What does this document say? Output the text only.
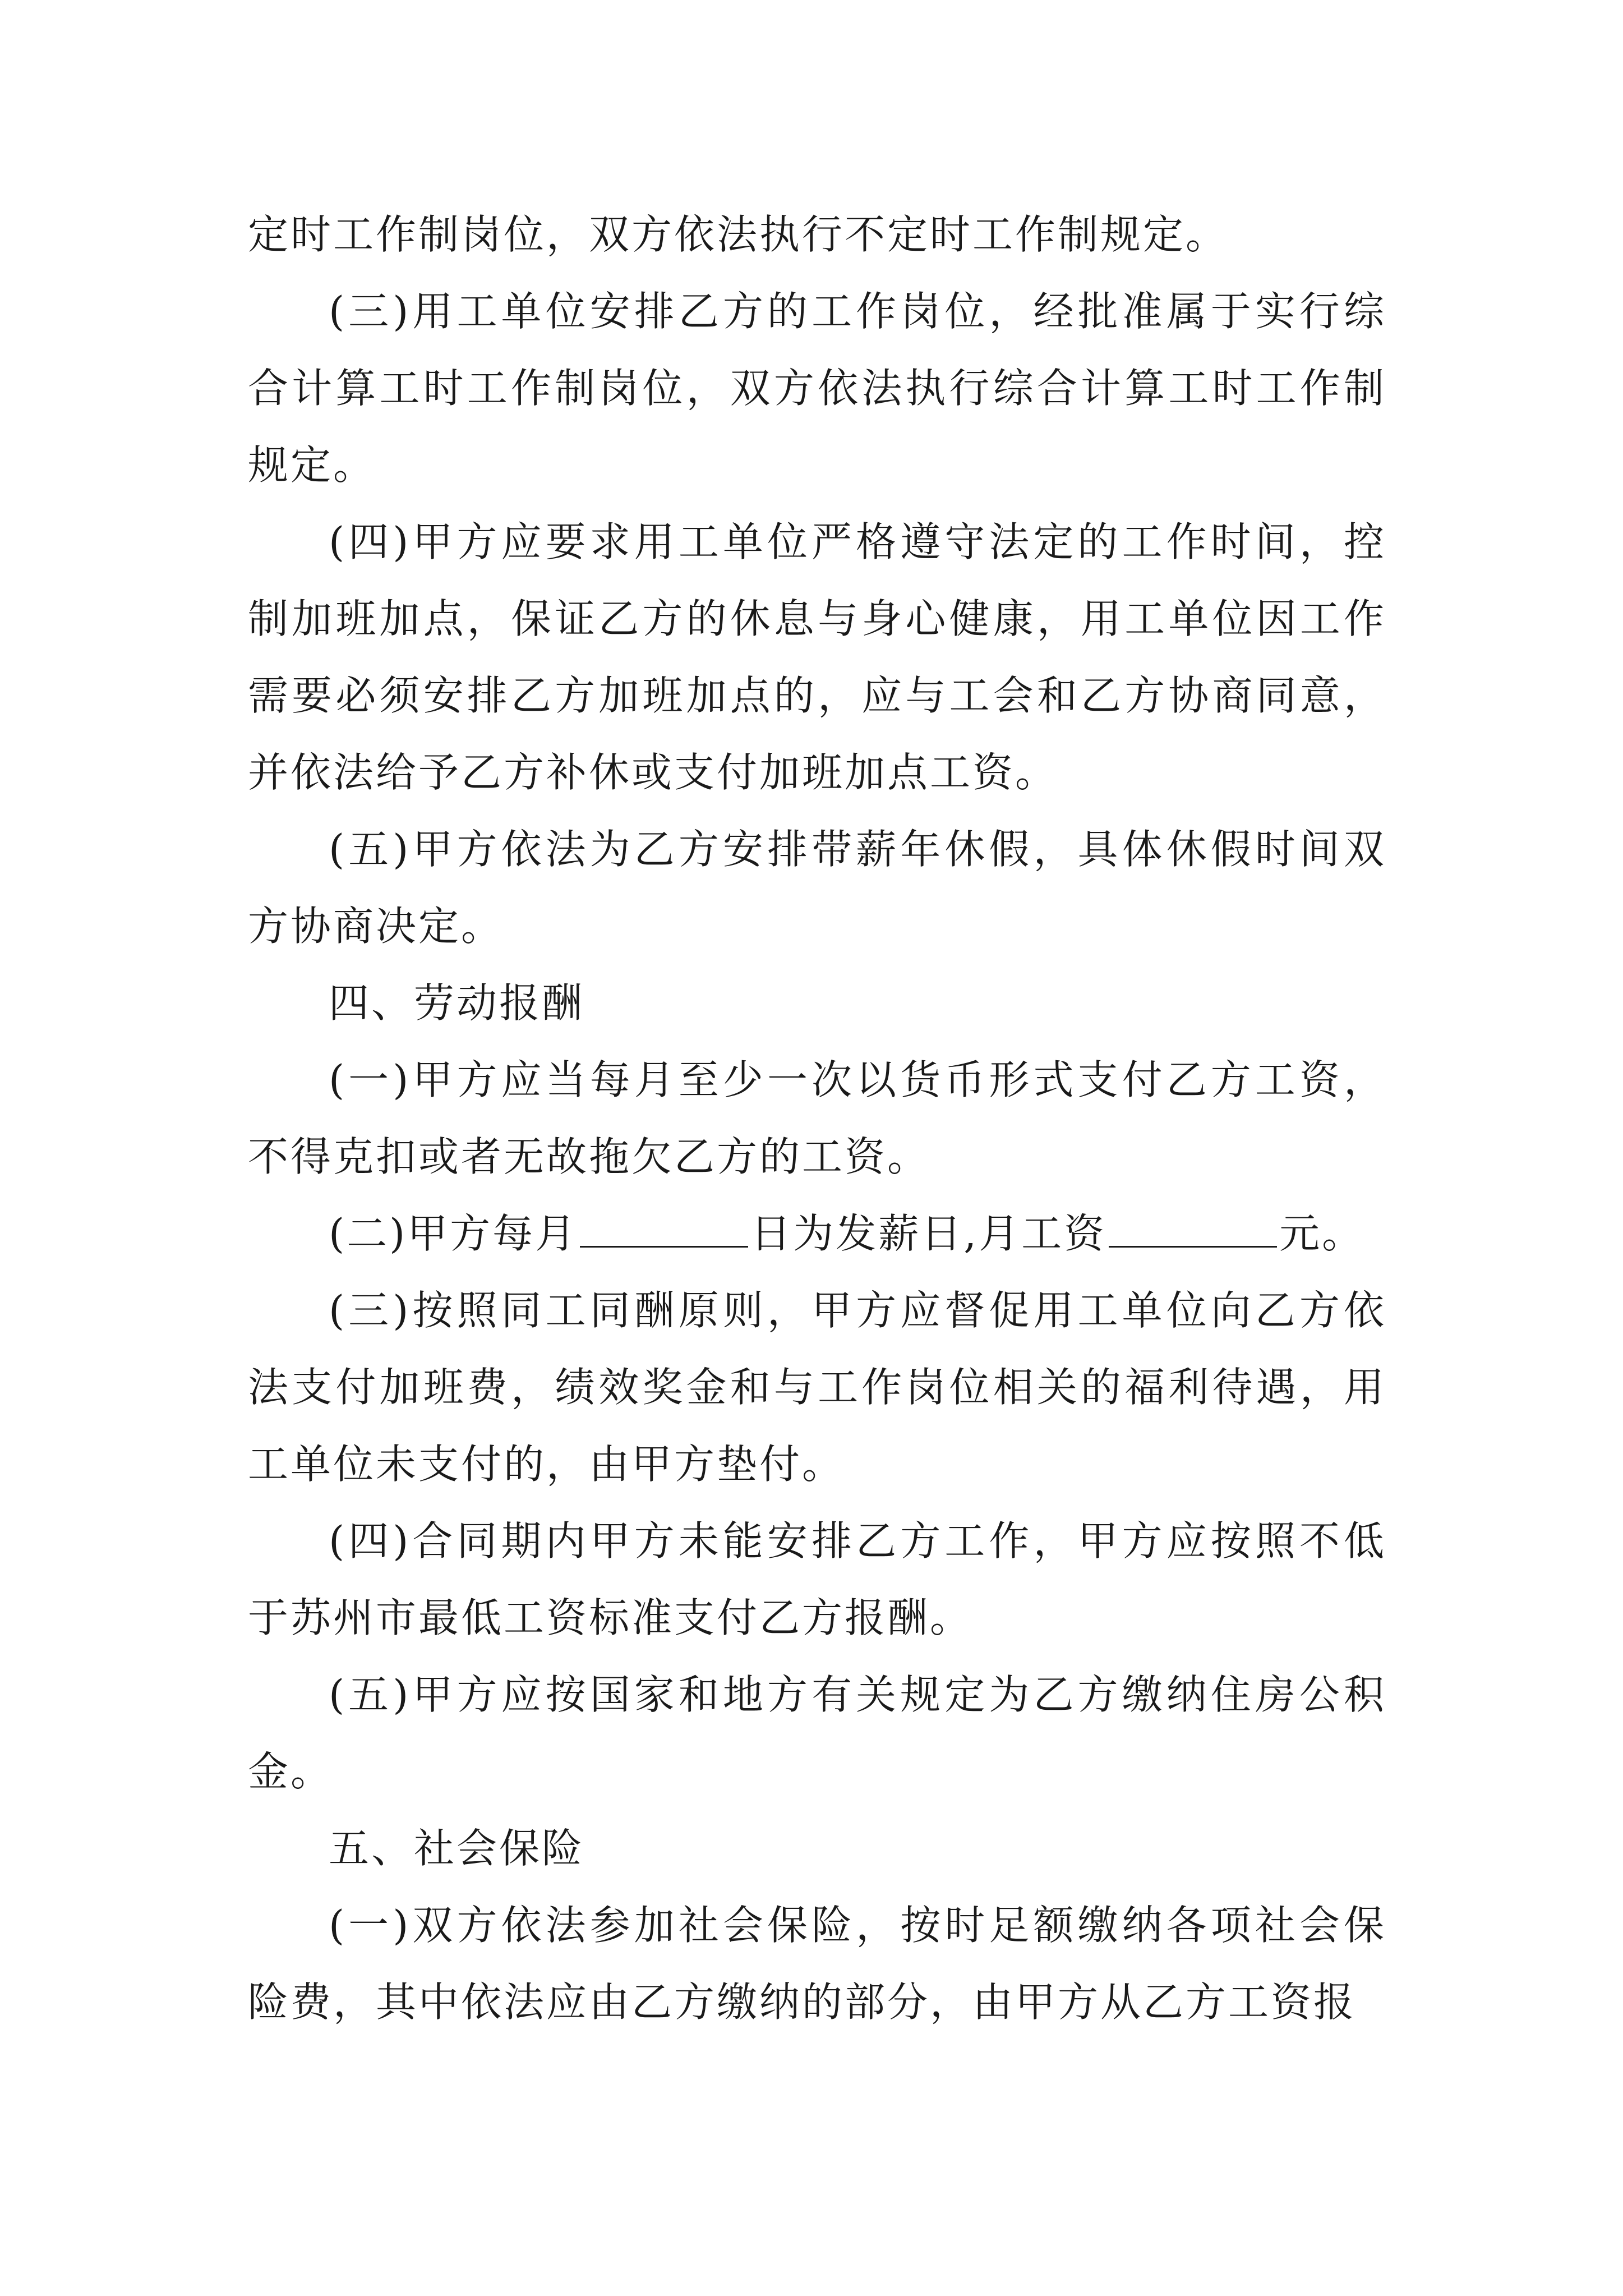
定时工作制岗位，双方依法执行不定时工作制规定。

(三)用工单位安排乙方的工作岗位，经批准属于实行综合计算工时工作制岗位，双方依法执行综合计算工时工作制规定。

(四)甲方应要求用工单位严格遵守法定的工作时间，控制加班加点，保证乙方的休息与身心健康，用工单位因工作需要必须安排乙方加班加点的，应与工会和乙方协商同意，并依法给予乙方补休或支付加班加点工资。

(五)甲方依法为乙方安排带薪年休假，具体休假时间双方协商决定。

四、劳动报酬

(一)甲方应当每月至少一次以货币形式支付乙方工资，不得克扣或者无故拖欠乙方的工资。

(二)甲方每月	日为发薪日,月工资	元。

(三)按照同工同酬原则，甲方应督促用工单位向乙方依法支付加班费，绩效奖金和与工作岗位相关的福利待遇，用工单位未支付的，由甲方垫付。

(四)合同期内甲方未能安排乙方工作，甲方应按照不低于苏州市最低工资标准支付乙方报酬。

(五)甲方应按国家和地方有关规定为乙方缴纳住房公积金。

五、社会保险

(一)双方依法参加社会保险，按时足额缴纳各项社会保险费，其中依法应由乙方缴纳的部分，由甲方从乙方工资报
